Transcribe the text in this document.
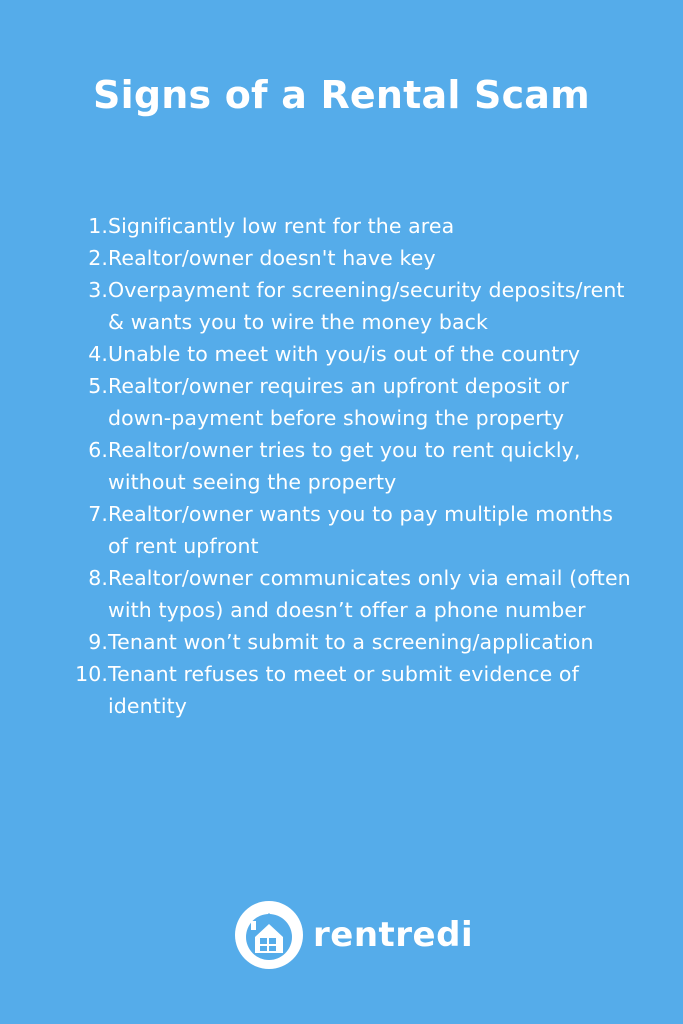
Signs of a Rental Scam
1. Significantly low rent for the area
2. Realtor/owner doesn't have key
3. Overpayment for screening/security deposits/rent & wants you to wire the money back
4. Unable to meet with you/is out of the country
5. Realtor/owner requires an upfront deposit or down-payment before showing the property
6. Realtor/owner tries to get you to rent quickly, without seeing the property
7. Realtor/owner wants you to pay multiple months of rent upfront
8. Realtor/owner communicates only via email (often with typos) and doesn’t offer a phone number
9. Tenant won’t submit to a screening/application
10. Tenant refuses to meet or submit evidence of identity
rentredi
